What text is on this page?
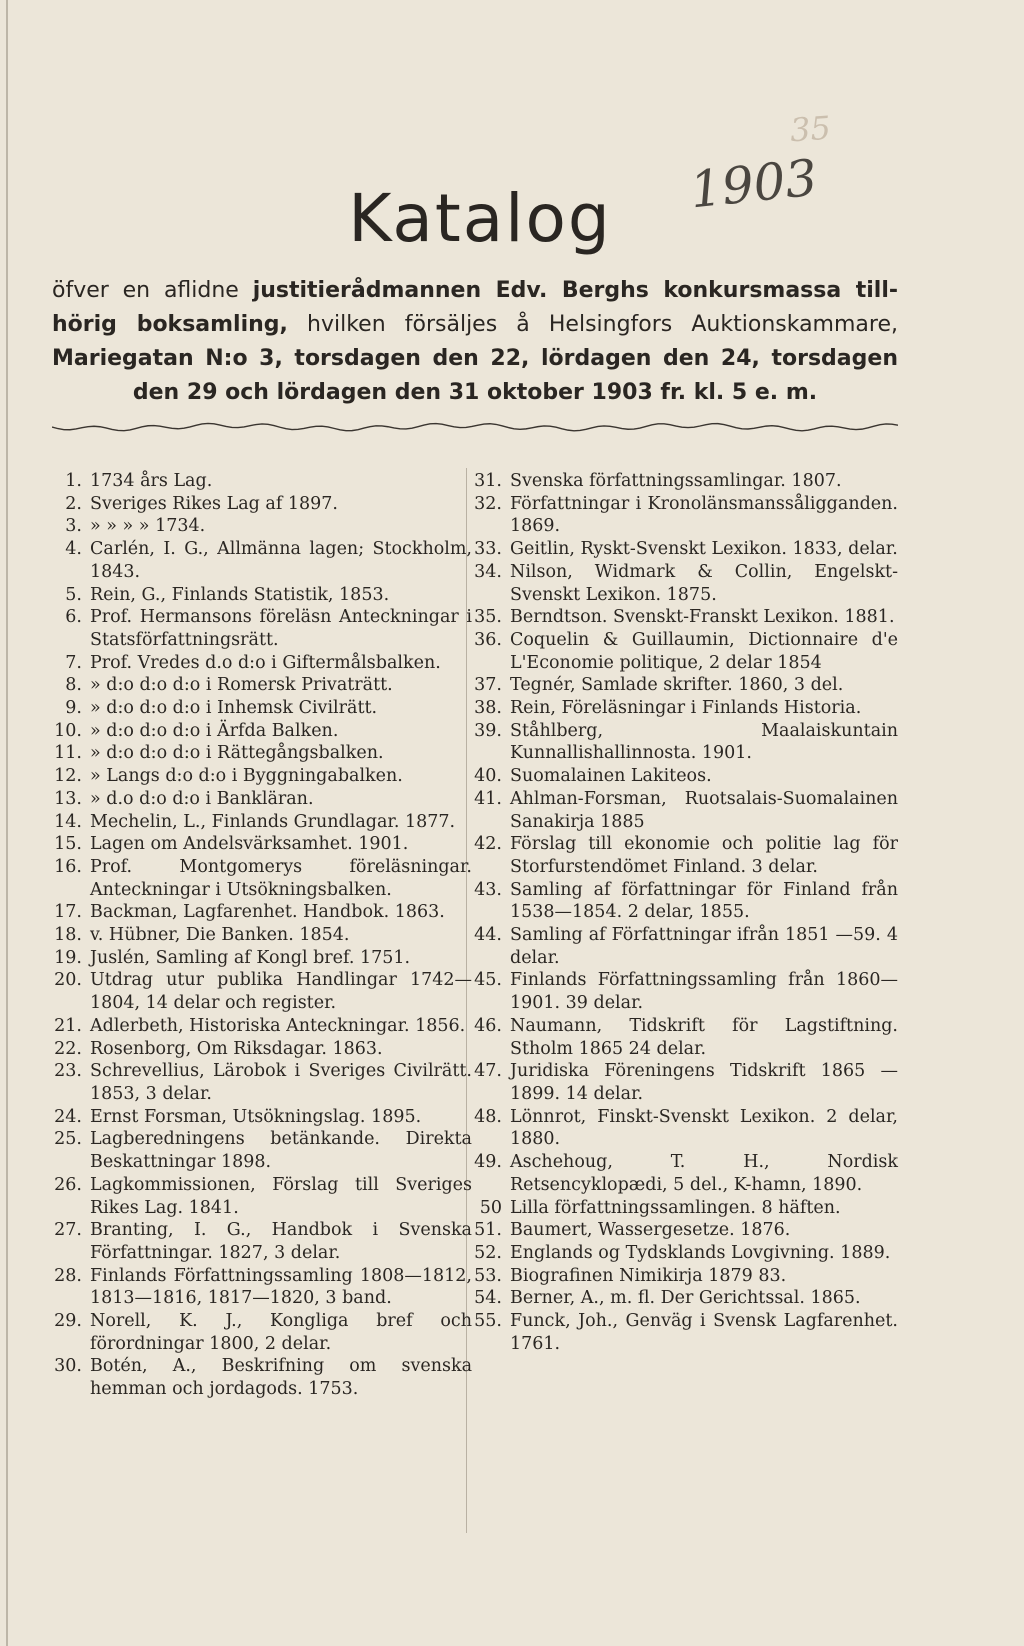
35
1903
Katalog
öfver en aflidne justitierådmannen Edv. Berghs konkursmassa till-
hörig boksamling, hvilken försäljes å Helsingfors Auktionskammare,
Mariegatan N:o 3, torsdagen den 22, lördagen den 24, torsdagen
den 29 och lördagen den 31 oktober 1903 fr. kl. 5 e. m.
1. 1734 års Lag.
2. Sveriges Rikes Lag af 1897.
3. » » » » 1734.
4. Carlén, I. G., Allmänna lagen; Stockholm, 1843.
5. Rein, G., Finlands Statistik, 1853.
6. Prof. Hermansons föreläsn Anteckningar i Statsförfattningsrätt.
7. Prof. Vredes d.o d:o i Giftermålsbalken.
8. » d:o d:o d:o i Romersk Privaträtt.
9. » d:o d:o d:o i Inhemsk Civilrätt.
10. » d:o d:o d:o i Ärfda Balken.
11. » d:o d:o d:o i Rättegångsbalken.
12. » Langs d:o d:o i Byggningabalken.
13. » d.o d:o d:o i Bankläran.
14. Mechelin, L., Finlands Grundlagar. 1877.
15. Lagen om Andelsvärksamhet. 1901.
16. Prof. Montgomerys föreläsningar. Anteckningar i Utsökningsbalken.
17. Backman, Lagfarenhet. Handbok. 1863.
18. v. Hübner, Die Banken. 1854.
19. Juslén, Samling af Kongl bref. 1751.
20. Utdrag utur publika Handlingar 1742—1804, 14 delar och register.
21. Adlerbeth, Historiska Anteckningar. 1856.
22. Rosenborg, Om Riksdagar. 1863.
23. Schrevellius, Lärobok i Sveriges Civilrätt. 1853, 3 delar.
24. Ernst Forsman, Utsökningslag. 1895.
25. Lagberedningens betänkande. Direkta Beskattningar 1898.
26. Lagkommissionen, Förslag till Sveriges Rikes Lag. 1841.
27. Branting, I. G., Handbok i Svenska Författningar. 1827, 3 delar.
28. Finlands Författningssamling 1808—1812, 1813—1816, 1817—1820, 3 band.
29. Norell, K. J., Kongliga bref och förordningar 1800, 2 delar.
30. Botén, A., Beskrifning om svenska hemman och jordagods. 1753.
31. Svenska författningssamlingar. 1807.
32. Författningar i Kronolänsmanssåligganden. 1869.
33. Geitlin, Ryskt-Svenskt Lexikon. 1833, delar.
34. Nilson, Widmark & Collin, Engelskt-Svenskt Lexikon. 1875.
35. Berndtson. Svenskt-Franskt Lexikon. 1881.
36. Coquelin & Guillaumin, Dictionnaire d'e L'Economie politique, 2 delar 1854
37. Tegnér, Samlade skrifter. 1860, 3 del.
38. Rein, Föreläsningar i Finlands Historia.
39. Ståhlberg, Maalaiskuntain Kunnallishallinnosta. 1901.
40. Suomalainen Lakiteos.
41. Ahlman-Forsman, Ruotsalais-Suomalainen Sanakirja 1885
42. Förslag till ekonomie och politie lag för Storfurstendömet Finland. 3 delar.
43. Samling af författningar för Finland från 1538—1854. 2 delar, 1855.
44. Samling af Författningar ifrån 1851 —59. 4 delar.
45. Finlands Författningssamling från 1860—1901. 39 delar.
46. Naumann, Tidskrift för Lagstiftning. Stholm 1865 24 delar.
47. Juridiska Föreningens Tidskrift 1865 —1899. 14 delar.
48. Lönnrot, Finskt-Svenskt Lexikon. 2 delar, 1880.
49. Aschehoug, T. H., Nordisk Retsencyklopædi, 5 del., K-hamn, 1890.
50 Lilla författningssamlingen. 8 häften.
51. Baumert, Wassergesetze. 1876.
52. Englands og Tydsklands Lovgivning. 1889.
53. Biografinen Nimikirja 1879 83.
54. Berner, A., m. fl. Der Gerichtssal. 1865.
55. Funck, Joh., Genväg i Svensk Lagfarenhet. 1761.
